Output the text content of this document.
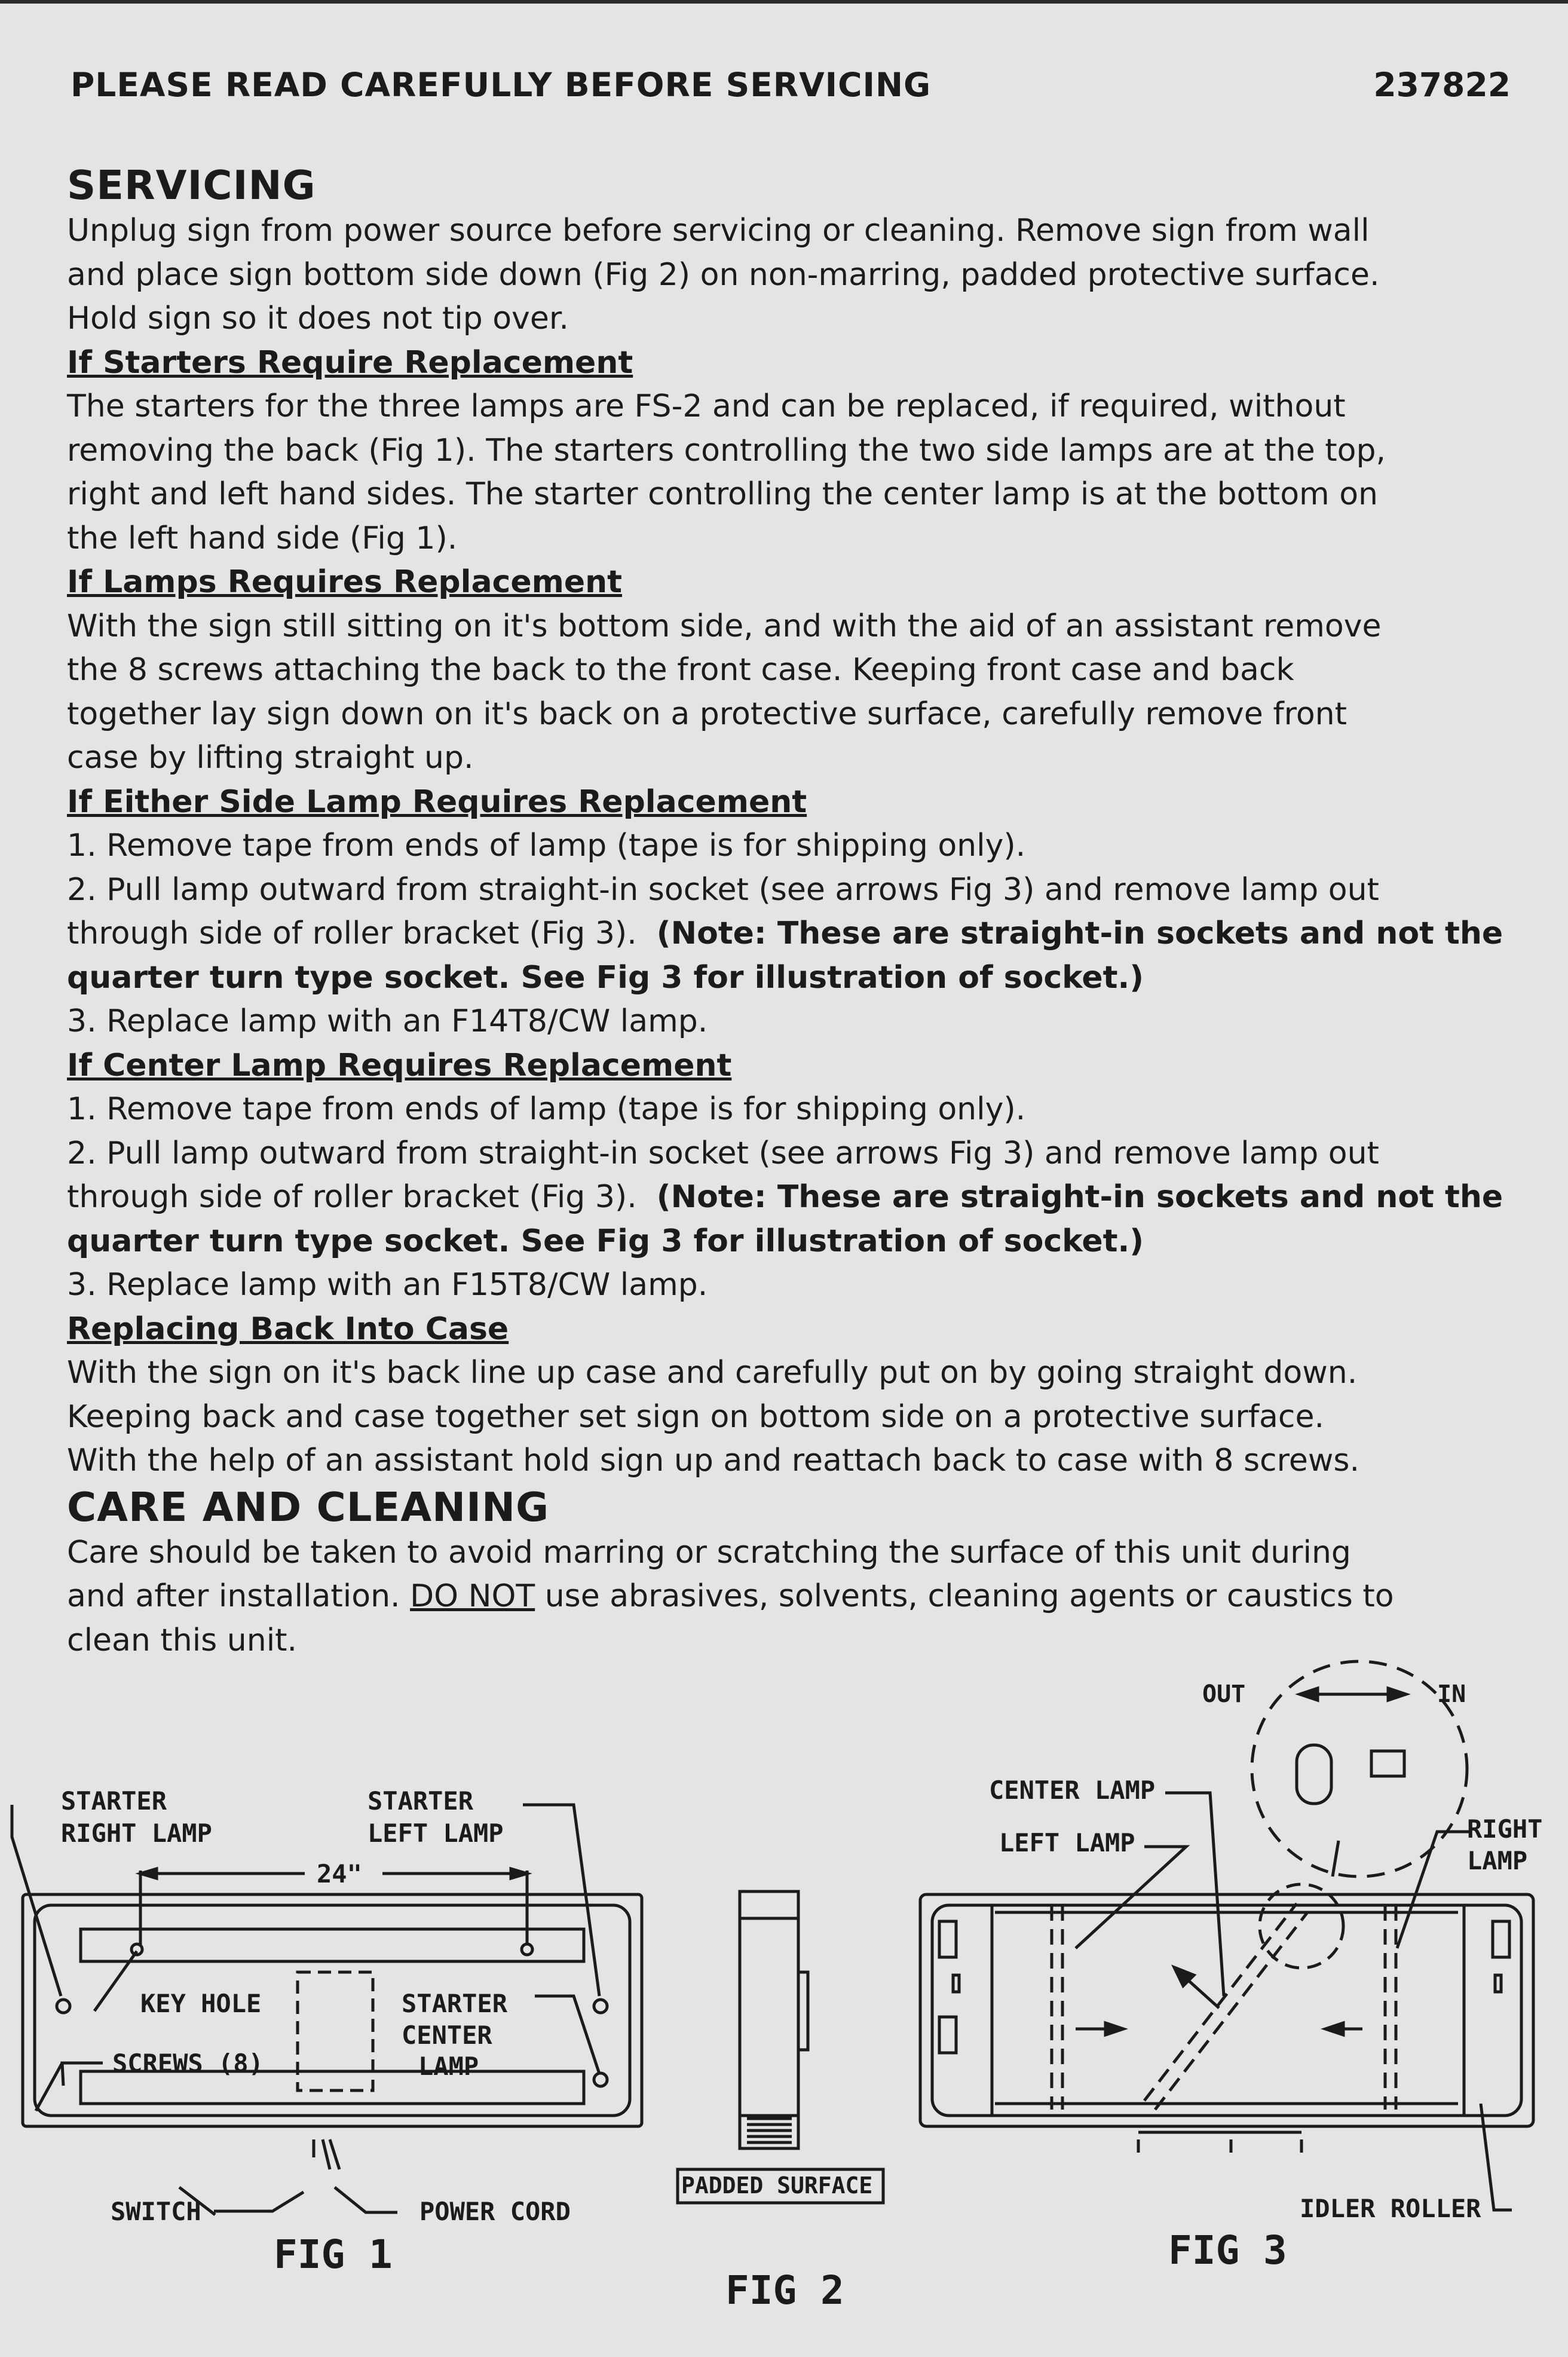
PLEASE READ CAREFULLY BEFORE SERVICING	237822

SERVICING

Unplug sign from power source before servicing or cleaning. Remove sign from wall

and place sign bottom side down (Fig 2) on non-marring, padded protective surface.

Hold sign so it does not tip over.

If Starters Require Replacement

The starters for the three lamps are FS-2 and can be replaced, if required, without

removing the back (Fig 1). The starters controlling the two side lamps are at the top,

right and left hand sides. The starter controlling the center lamp is at the bottom on

the left hand side (Fig 1).

If Lamps Requires Replacement

With the sign still sitting on it's bottom side, and with the aid of an assistant remove

the 8 screws attaching the back to the front case. Keeping front case and back

together lay sign down on it's back on a protective surface, carefully remove front

case by lifting straight up.

If Either Side Lamp Requires Replacement

1. Remove tape from ends of lamp (tape is for shipping only).

2. Pull lamp outward from straight-in socket (see arrows Fig 3) and remove lamp out

through side of roller bracket (Fig 3). (Note: These are straight-in sockets and not the

quarter turn type socket. See Fig 3 for illustration of socket.)

3. Replace lamp with an F14T8/CW lamp.

If Center Lamp Requires Replacement

1. Remove tape from ends of lamp (tape is for shipping only).

2. Pull lamp outward from straight-in socket (see arrows Fig 3) and remove lamp out

through side of roller bracket (Fig 3). (Note: These are straight-in sockets and not the

quarter turn type socket. See Fig 3 for illustration of socket.)

3. Replace lamp with an F15T8/CW lamp.

Replacing Back Into Case

With the sign on it's back line up case and carefully put on by going straight down.

Keeping back and case together set sign on bottom side on a protective surface.

With the help of an assistant hold sign up and reattach back to case with 8 screws.

CARE AND CLEANING

Care should be taken to avoid marring or scratching the surface of this unit during

and after installation. DO NOT use abrasives, solvents, cleaning agents or caustics to

clean this unit.

STARTER
RIGHT LAMP
STARTER
LEFT LAMP
24"
KEY HOLE
SCREWS (8)
STARTER
CENTER
LAMP
SWITCH	POWER CORD
FIG 1
PADDED SURFACE
FIG 2
OUT	IN
CENTER LAMP
LEFT LAMP	RIGHT
LAMP
IDLER ROLLER
FIG 3
